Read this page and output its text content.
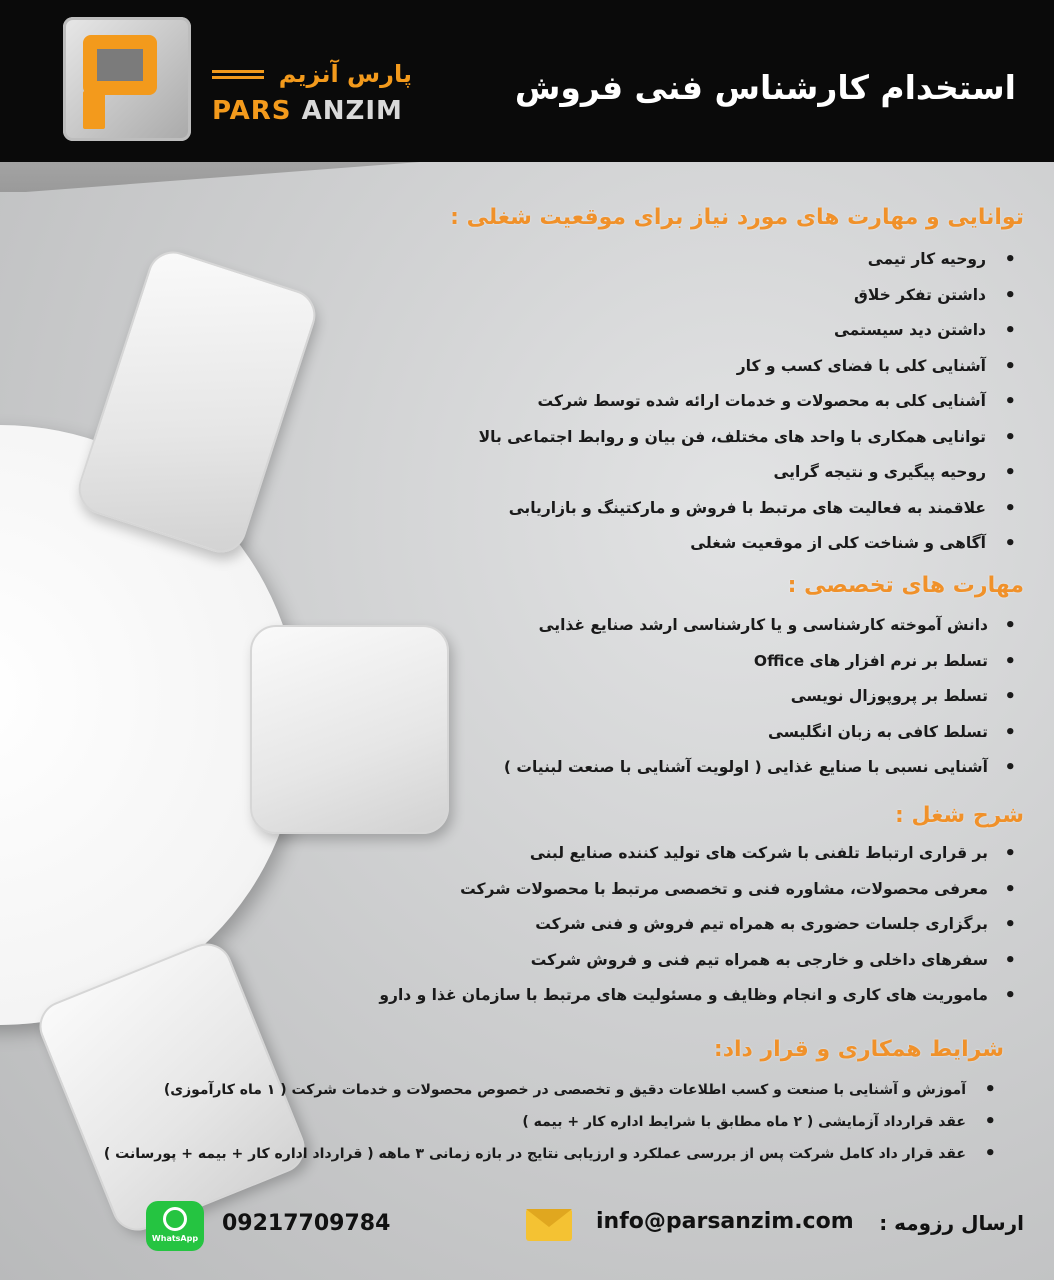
پارس آنزیم
PARS ANZIM
استخدام کارشناس فنی فروش
توانایی و مهارت های مورد نیاز برای موقعیت شغلی :
• روحیه کار تیمی
• داشتن تفکر خلاق
• داشتن دید سیستمی
• آشنایی کلی با فضای کسب و کار
• آشنایی کلی به محصولات و خدمات ارائه شده توسط شرکت
• توانایی همکاری با واحد های مختلف، فن بیان و روابط اجتماعی بالا
• روحیه پیگیری و نتیجه گرایی
• علاقمند به فعالیت های مرتبط با فروش و مارکتینگ و بازاریابی
• آگاهی و شناخت کلی از موقعیت شغلی
مهارت های تخصصی :
• دانش آموخته کارشناسی و یا کارشناسی ارشد صنایع غذایی
• تسلط بر نرم افزار های Office
• تسلط بر پروپوزال نویسی
• تسلط کافی به زبان انگلیسی
• آشنایی نسبی با صنایع غذایی ( اولویت آشنایی با صنعت لبنیات )
شرح شغل :
• بر قراری ارتباط تلفنی با شرکت های تولید کننده صنایع لبنی
• معرفی محصولات، مشاوره فنی و تخصصی مرتبط با محصولات شرکت
• برگزاری جلسات حضوری به همراه تیم فروش و فنی شرکت
• سفرهای داخلی و خارجی به همراه تیم فنی و فروش شرکت
• ماموریت های کاری و انجام وظایف و مسئولیت های مرتبط با سازمان غذا و دارو
شرایط همکاری و قرار داد:
• آموزش و آشنایی با صنعت و کسب اطلاعات دقیق و تخصصی در خصوص محصولات و خدمات شرکت ( ۱ ماه کارآموزی)
• عقد قرارداد آزمایشی ( ۲ ماه مطابق با شرایط اداره کار + بیمه )
• عقد قرار داد کامل شرکت پس از بررسی عملکرد و ارزیابی نتایج در بازه زمانی ۳ ماهه ( قرارداد اداره کار + بیمه + پورسانت )
ارسال رزومه :
info@parsanzim.com
09217709784
WhatsApp
